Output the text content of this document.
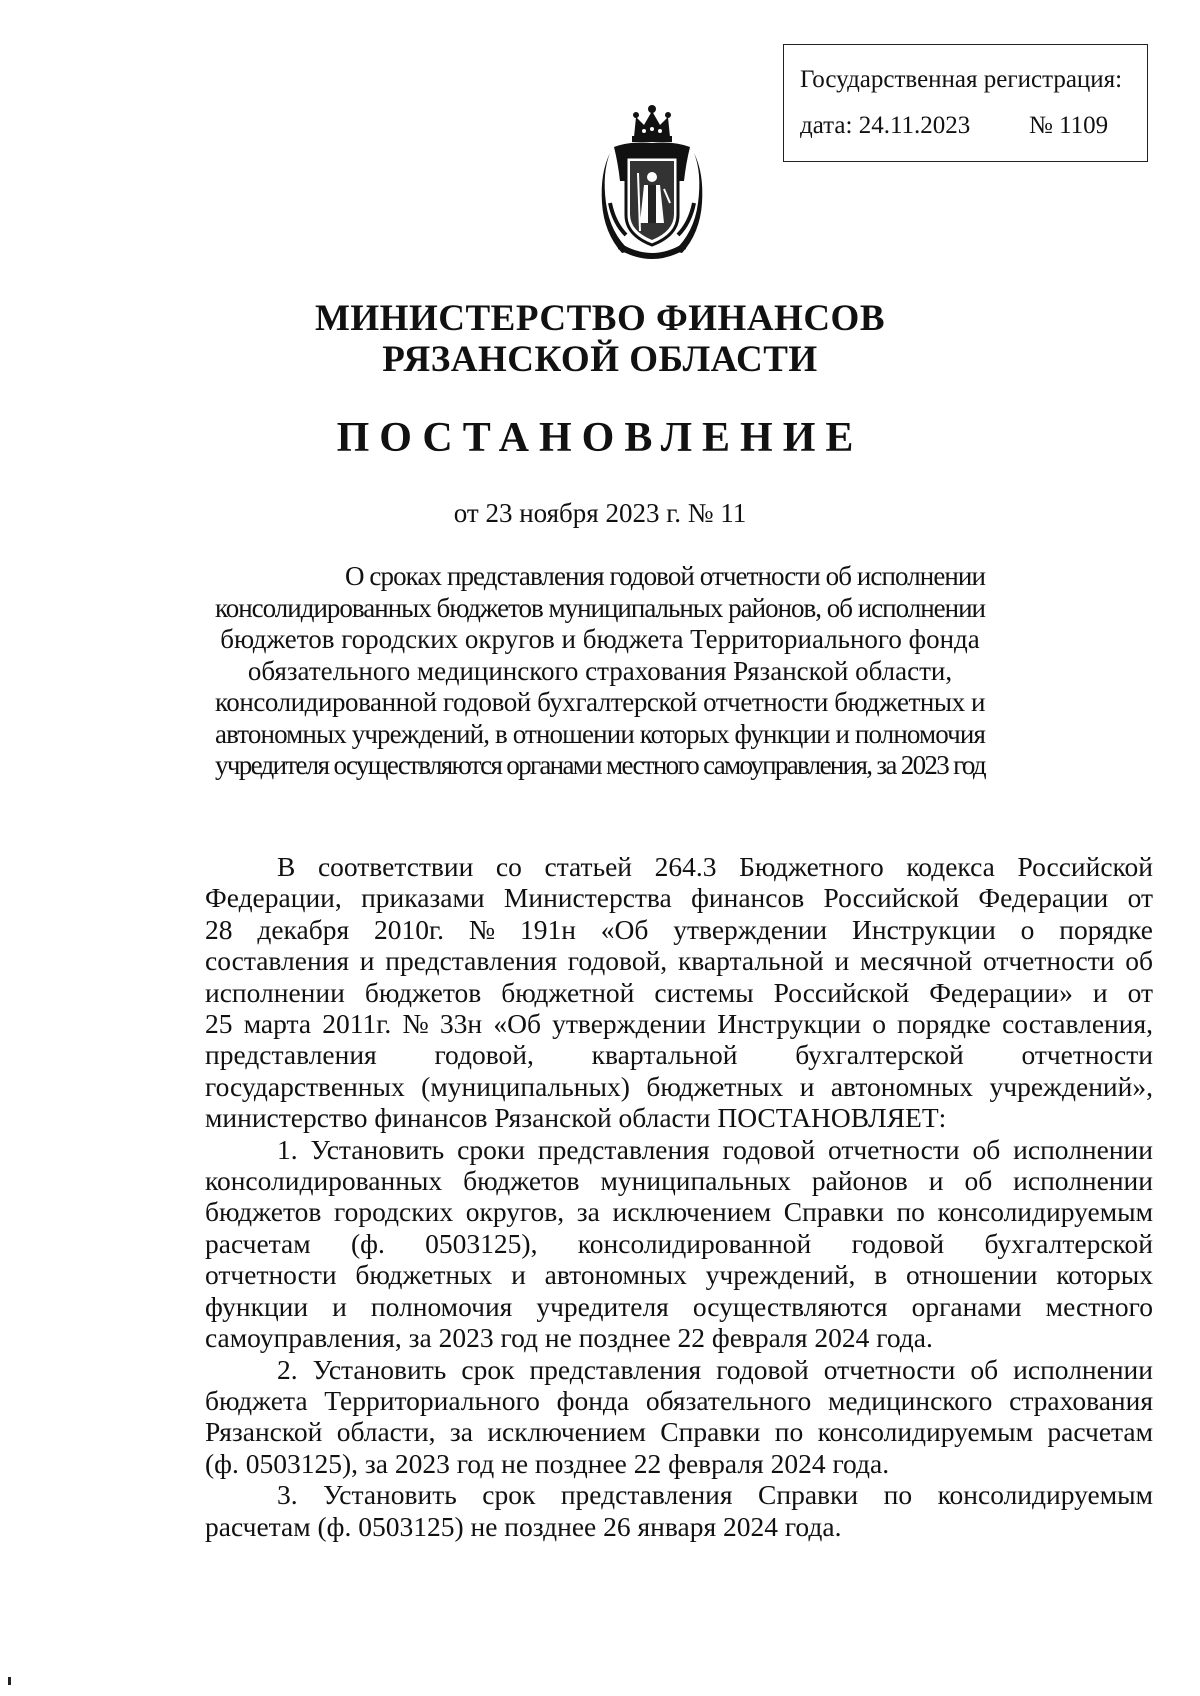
Государственная регистрация:
дата: 24.11.2023 № 1109
МИНИСТЕРСТВО ФИНАНСОВ
РЯЗАНСКОЙ ОБЛАСТИ
ПОСТАНОВЛЕНИЕ
от 23 ноября 2023 г. № 11
О сроках представления годовой отчетности об исполнении
консолидированных бюджетов муниципальных районов, об исполнении
бюджетов городских округов и бюджета Территориального фонда
обязательного медицинского страхования Рязанской области,
консолидированной годовой бухгалтерской отчетности бюджетных и
автономных учреждений, в отношении которых функции и полномочия
учредителя осуществляются органами местного самоуправления, за 2023 год
В соответствии со статьей 264.3 Бюджетного кодекса Российской
Федерации, приказами Министерства финансов Российской Федерации от
28 декабря 2010г. № 191н «Об утверждении Инструкции о порядке
составления и представления годовой, квартальной и месячной отчетности об
исполнении бюджетов бюджетной системы Российской Федерации» и от
25 марта 2011г. № 33н «Об утверждении Инструкции о порядке составления,
представления годовой, квартальной бухгалтерской отчетности
государственных (муниципальных) бюджетных и автономных учреждений»,
министерство финансов Рязанской области ПОСТАНОВЛЯЕТ:
1. Установить сроки представления годовой отчетности об исполнении
консолидированных бюджетов муниципальных районов и об исполнении
бюджетов городских округов, за исключением Справки по консолидируемым
расчетам (ф. 0503125), консолидированной годовой бухгалтерской
отчетности бюджетных и автономных учреждений, в отношении которых
функции и полномочия учредителя осуществляются органами местного
самоуправления, за 2023 год не позднее 22 февраля 2024 года.
2. Установить срок представления годовой отчетности об исполнении
бюджета Территориального фонда обязательного медицинского страхования
Рязанской области, за исключением Справки по консолидируемым расчетам
(ф. 0503125), за 2023 год не позднее 22 февраля 2024 года.
3. Установить срок представления Справки по консолидируемым
расчетам (ф. 0503125) не позднее 26 января 2024 года.
